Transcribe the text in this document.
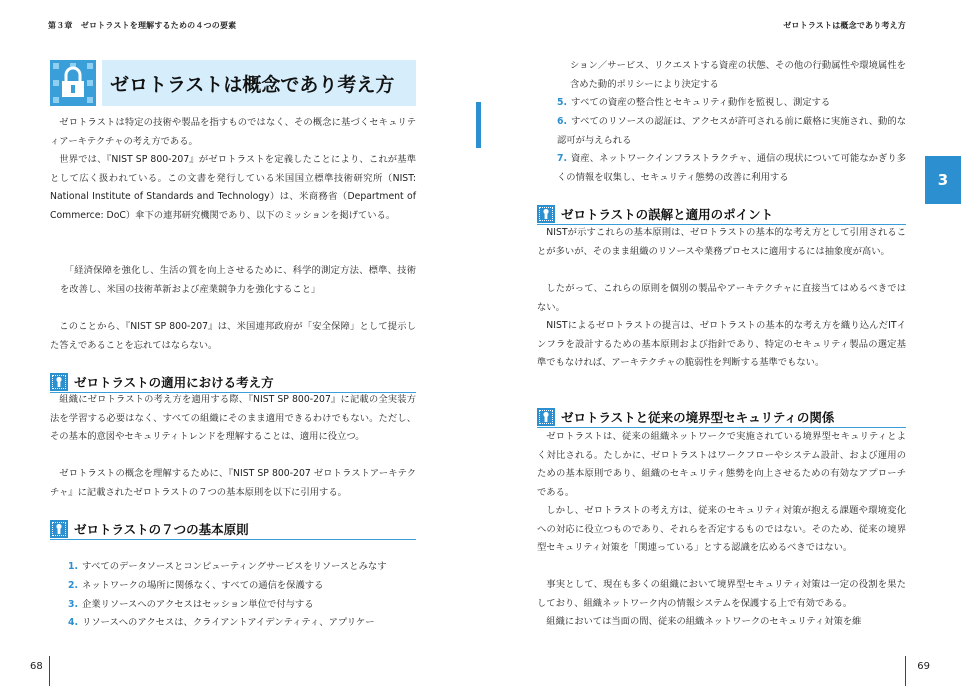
第３章　ゼロトラストを理解するための４つの要素
ゼロトラストは概念であり考え方

ゼロトラストは特定の技術や製品を指すものではなく、その概念に基づくセキュリティアーキテクチャの考え方である。

世界では、『NIST SP 800-207』がゼロトラストを定義したことにより、これが基準として広く扱われている。この文書を発行している米国国立標準技術研究所（NIST: National Institute of Standards and Technology）は、米商務省（Department of Commerce: DoC）傘下の連邦研究機関であり、以下のミッションを掲げている。

「経済保障を強化し、生活の質を向上させるために、科学的測定方法、標準、技術を改善し、米国の技術革新および産業競争力を強化すること」

このことから、『NIST SP 800-207』は、米国連邦政府が「安全保障」として提示した答えであることを忘れてはならない。

ゼロトラストの適用における考え方

組織にゼロトラストの考え方を適用する際、『NIST SP 800-207』に記載の全実装方法を学習する必要はなく、すべての組織にそのまま適用できるわけでもない。ただし、その基本的意図やセキュリティトレンドを理解することは、適用に役立つ。

ゼロトラストの概念を理解するために、『NIST SP 800-207 ゼロトラストアーキテクチャ』に記載されたゼロトラストの７つの基本原則を以下に引用する。

ゼロトラストの７つの基本原則
1. すべてのデータソースとコンピューティングサービスをリソースとみなす
2. ネットワークの場所に関係なく、すべての通信を保護する
3. 企業リソースへのアクセスはセッション単位で付与する
4. リソースへのアクセスは、クライアントアイデンティティ、アプリケー
68
ゼロトラストは概念であり考え方

ション／サービス、リクエストする資産の状態、その他の行動属性や環境属性を含めた動的ポリシーにより決定する

5. すべての資産の整合性とセキュリティ動作を監視し、測定する
6. すべてのリソースの認証は、アクセスが許可される前に厳格に実施され、動的な認可が与えられる
7. 資産、ネットワークインフラストラクチャ、通信の現状について可能なかぎり多くの情報を収集し、セキュリティ態勢の改善に利用する
ゼロトラストの誤解と適用のポイント

NISTが示すこれらの基本原則は、ゼロトラストの基本的な考え方として引用されることが多いが、そのまま組織のリソースや業務プロセスに適用するには抽象度が高い。

したがって、これらの原則を個別の製品やアーキテクチャに直接当てはめるべきではない。

NISTによるゼロトラストの提言は、ゼロトラストの基本的な考え方を織り込んだITインフラを設計するための基本原則および指針であり、特定のセキュリティ製品の選定基準でもなければ、アーキテクチャの脆弱性を判断する基準でもない。

ゼロトラストと従来の境界型セキュリティの関係

ゼロトラストは、従来の組織ネットワークで実施されている境界型セキュリティとよく対比される。たしかに、ゼロトラストはワークフローやシステム設計、および運用のための基本原則であり、組織のセキュリティ態勢を向上させるための有効なアプローチである。

しかし、ゼロトラストの考え方は、従来のセキュリティ対策が抱える課題や環境変化への対応に役立つものであり、それらを否定するものではない。そのため、従来の境界型セキュリティ対策を「関連っている」とする認識を広めるべきではない。

事実として、現在も多くの組織において境界型セキュリティ対策は一定の役割を果たしており、組織ネットワーク内の情報システムを保護する上で有効である。

組織においては当面の間、従来の組織ネットワークのセキュリティ対策を維

69
3
